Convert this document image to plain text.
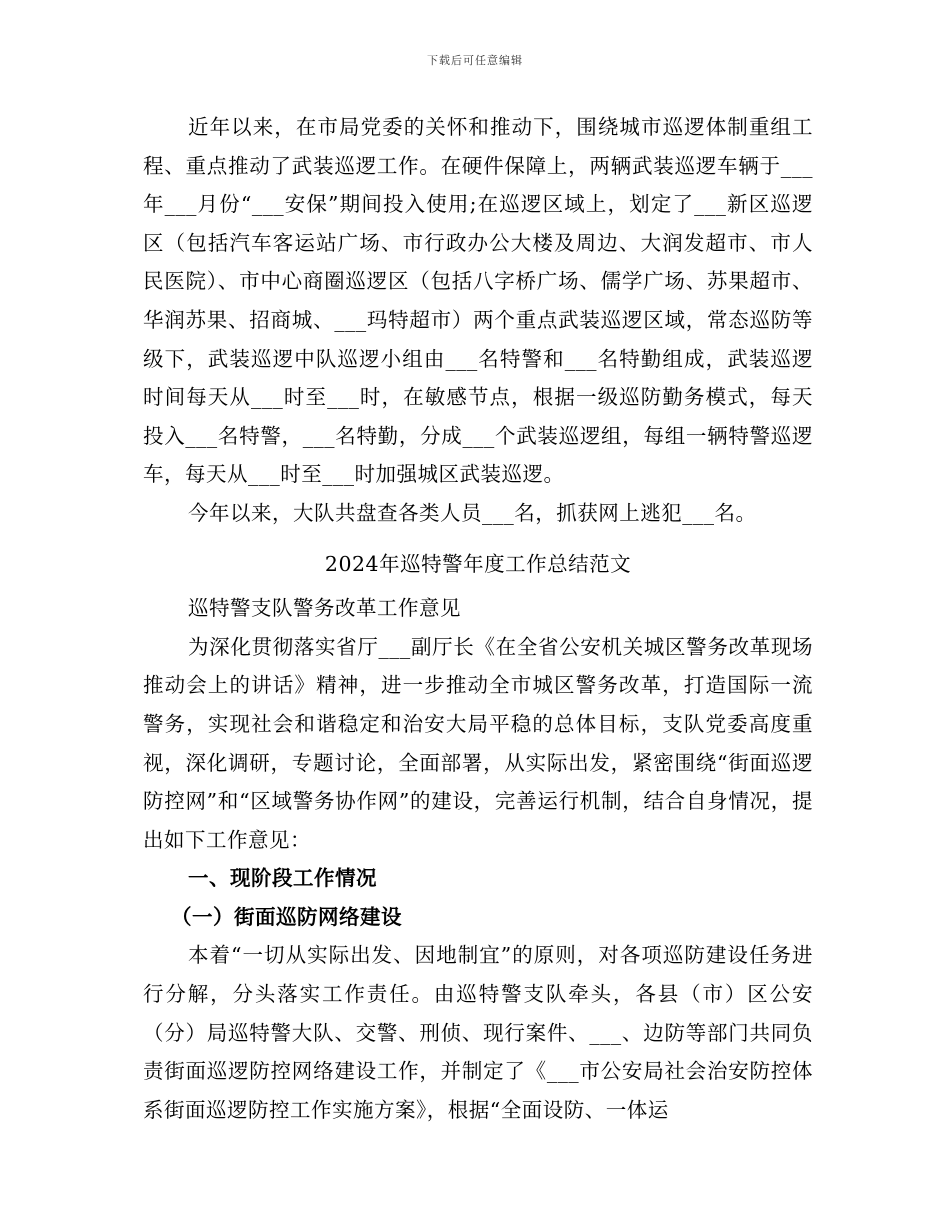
下载后可任意编辑

近年以来，在市局党委的关怀和推动下，围绕城市巡逻体制重组工程、重点推动了武装巡逻工作。在硬件保障上，两辆武装巡逻车辆于___年___月份“___安保”期间投入使用;在巡逻区域上，划定了___新区巡逻区（包括汽车客运站广场、市行政办公大楼及周边、大润发超市、市人民医院）、市中心商圈巡逻区（包括八字桥广场、儒学广场、苏果超市、华润苏果、招商城、___玛特超市）两个重点武装巡逻区域，常态巡防等级下，武装巡逻中队巡逻小组由___名特警和___名特勤组成，武装巡逻时间每天从___时至___时，在敏感节点，根据一级巡防勤务模式，每天投入___名特警，___名特勤，分成___个武装巡逻组，每组一辆特警巡逻车，每天从___时至___时加强城区武装巡逻。

今年以来，大队共盘查各类人员___名，抓获网上逃犯___名。

2024年巡特警年度工作总结范文

巡特警支队警务改革工作意见

为深化贯彻落实省厅___副厅长《在全省公安机关城区警务改革现场推动会上的讲话》精神，进一步推动全市城区警务改革，打造国际一流警务，实现社会和谐稳定和治安大局平稳的总体目标，支队党委高度重视，深化调研，专题讨论，全面部署，从实际出发，紧密围绕“街面巡逻防控网”和“区域警务协作网”的建设，完善运行机制，结合自身情况，提出如下工作意见：

一、现阶段工作情况

（一）街面巡防网络建设

本着“一切从实际出发、因地制宜”的原则，对各项巡防建设任务进行分解，分头落实工作责任。由巡特警支队牵头，各县（市）区公安（分）局巡特警大队、交警、刑侦、现行案件、___、边防等部门共同负责街面巡逻防控网络建设工作，并制定了《___市公安局社会治安防控体系街面巡逻防控工作实施方案》，根据“全面设防、一体运
